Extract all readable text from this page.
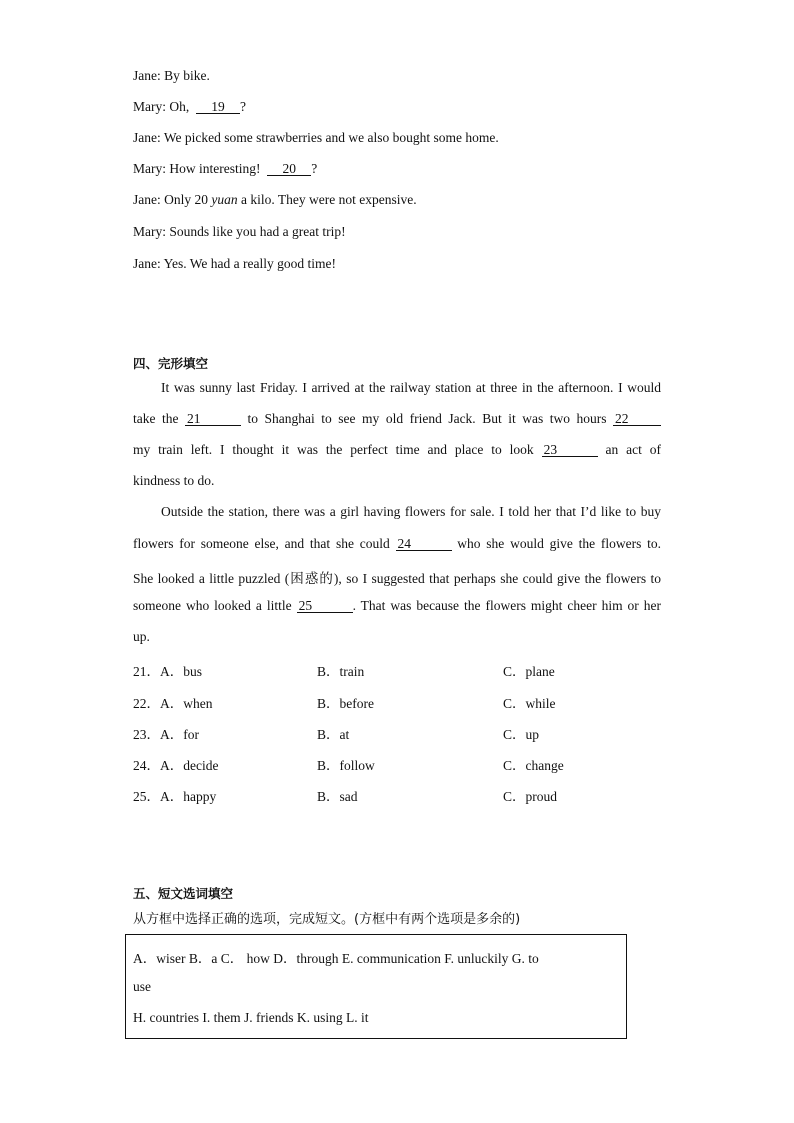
Jane: By bike.
Mary: Oh, 19 ?
Jane: We picked some strawberries and we also bought some home.
Mary: How interesting! 20 ?
Jane: Only 20 yuan a kilo. They were not expensive.
Mary: Sounds like you had a great trip!
Jane: Yes. We had a really good time!
四、完形填空
It was sunny last Friday. I arrived at the railway station at three in the afternoon. I would
take the 21	to Shanghai to see my old friend Jack. But it was two hours 22
my train left. I thought it was the perfect time and place to look 23	an act of
kindness to do.
Outside the station, there was a girl having flowers for sale. I told her that I’d like to buy
flowers for someone else, and that she could 24	who she would give the flowers to.
She looked a little puzzled (困惑的), so I suggested that perhaps she could give the flowers to
someone who looked a little 25	. That was because the flowers might cheer him or her
up.
21． A．bus	B．train	C．plane
22． A．when	B．before	C．while
23． A．for	B．at	C．up
24． A．decide	B．follow	C．change
25． A．happy	B．sad	C．proud
五、短文选词填空
从方框中选择正确的选项，完成短文。(方框中有两个选项是多余的)
A．wiser B．a C． how D．through E. communication F. unluckily G. to
use
H. countries I. them J. friends K. using L. it
